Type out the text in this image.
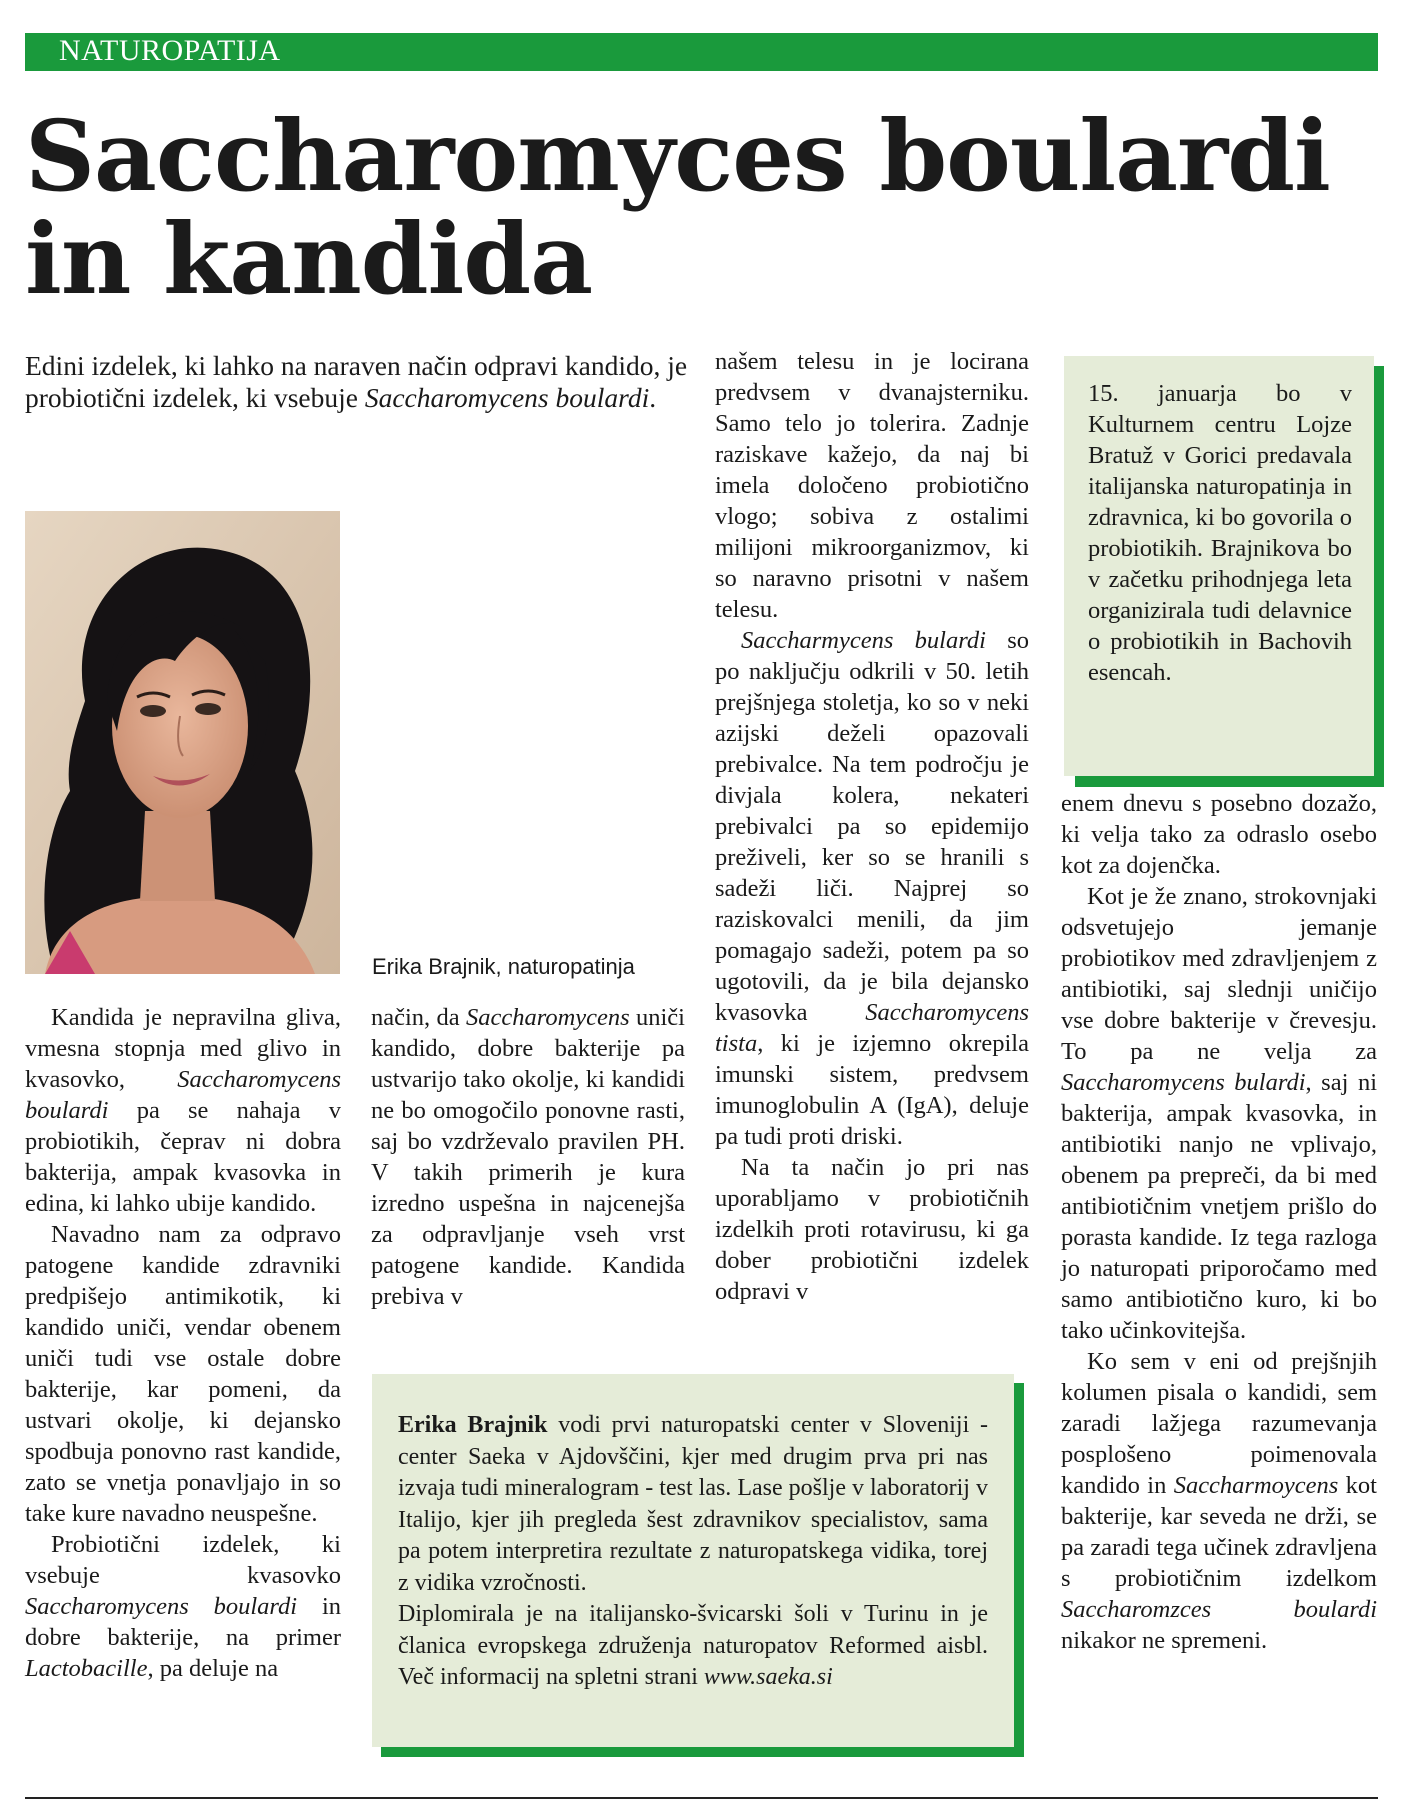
NATUROPATIJA
Saccharomyces boulardi in kandida

Edini izdelek, ki lahko na naraven način odpravi kandido, je probiotični izdelek, ki vsebuje Saccharomycens boulardi.

Erika Brajnik, naturopatinja

Kandida je nepravilna gliva, vmesna stopnja med glivo in kvasovko, Saccharomycens boulardi pa se nahaja v probiotikih, čeprav ni dobra bakterija, ampak kvasovka in edina, ki lahko ubije kandido.

Navadno nam za odpravo patogene kandide zdravniki predpišejo antimikotik, ki kandido uniči, vendar obenem uniči tudi vse ostale dobre bakterije, kar pomeni, da ustvari okolje, ki dejansko spodbuja ponovno rast kandide, zato se vnetja ponavljajo in so take kure navadno neuspešne.

Probiotični izdelek, ki vsebuje kvasovko Saccharomycens boulardi in dobre bakterije, na primer Lactobacille, pa deluje na

način, da Saccharomycens uniči kandido, dobre bakterije pa ustvarijo tako okolje, ki kandidi ne bo omogočilo ponovne rasti, saj bo vzdrževalo pravilen PH. V takih primerih je kura izredno uspešna in najcenejša za odpravljanje vseh vrst patogene kandide. Kandida prebiva v

našem telesu in je locirana predvsem v dvanajsterniku. Samo telo jo tolerira. Zadnje raziskave kažejo, da naj bi imela določeno probiotično vlogo; sobiva z ostalimi milijoni mikroorganizmov, ki so naravno prisotni v našem telesu.

Saccharmycens bulardi so po naključju odkrili v 50. letih prejšnjega stoletja, ko so v neki azijski deželi opazovali prebivalce. Na tem področju je divjala kolera, nekateri prebivalci pa so epidemijo preživeli, ker so se hranili s sadeži liči. Najprej so raziskovalci menili, da jim pomagajo sadeži, potem pa so ugotovili, da je bila dejansko kvasovka Saccharomycens tista, ki je izjemno okrepila imunski sistem, predvsem imunoglobulin A (IgA), deluje pa tudi proti driski.

Na ta način jo pri nas uporabljamo v probiotičnih izdelkih proti rotavirusu, ki ga dober probiotični izdelek odpravi v

15. januarja bo v Kulturnem centru Lojze Bratuž v Gorici predavala italijanska naturopatinja in zdravnica, ki bo govorila o probiotikih. Brajnikova bo v začetku prihodnjega leta organizirala tudi delavnice o probiotikih in Bachovih esencah.

enem dnevu s posebno dozažo, ki velja tako za odraslo osebo kot za dojenčka.

Kot je že znano, strokovnjaki odsvetujejo jemanje probiotikov med zdravljenjem z antibiotiki, saj slednji uničijo vse dobre bakterije v črevesju. To pa ne velja za Saccharomycens bulardi, saj ni bakterija, ampak kvasovka, in antibiotiki nanjo ne vplivajo, obenem pa prepreči, da bi med antibiotičnim vnetjem prišlo do porasta kandide. Iz tega razloga jo naturopati priporočamo med samo antibiotično kuro, ki bo tako učinkovitejša.

Ko sem v eni od prejšnjih kolumen pisala o kandidi, sem zaradi lažjega razumevanja posplošeno poimenovala kandido in Saccharmoycens kot bakterije, kar seveda ne drži, se pa zaradi tega učinek zdravljena s probiotičnim izdelkom Saccharomzces boulardi nikakor ne spremeni.

Erika Brajnik vodi prvi naturopatski center v Sloveniji - center Saeka v Ajdovščini, kjer med drugim prva pri nas izvaja tudi mineralogram - test las. Lase pošlje v laboratorij v Italijo, kjer jih pregleda šest zdravnikov specialistov, sama pa potem interpretira rezultate z naturopatskega vidika, torej z vidika vzročnosti.

Diplomirala je na italijansko-švicarski šoli v Turinu in je članica evropskega združenja naturopatov Reformed aisbl. Več informacij na spletni strani www.saeka.si
